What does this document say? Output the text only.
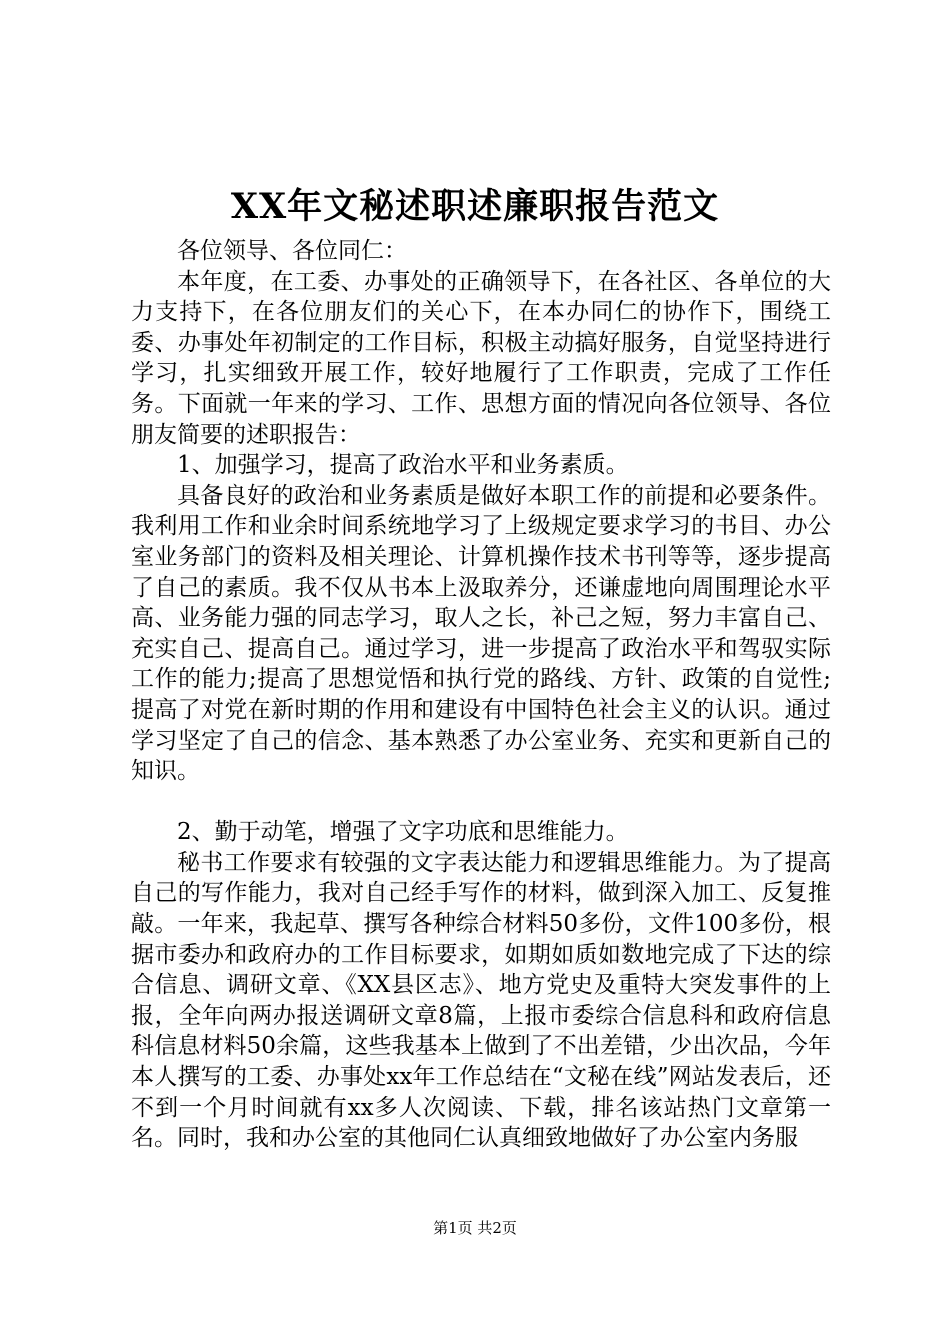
XX年文秘述职述廉职报告范文

各位领导、各位同仁：

本年度，在工委、办事处的正确领导下，在各社区、各单位的大力支持下，在各位朋友们的关心下，在本办同仁的协作下，围绕工委、办事处年初制定的工作目标，积极主动搞好服务，自觉坚持进行学习，扎实细致开展工作，较好地履行了工作职责，完成了工作任务。下面就一年来的学习、工作、思想方面的情况向各位领导、各位朋友简要的述职报告：

1、加强学习，提高了政治水平和业务素质。

具备良好的政治和业务素质是做好本职工作的前提和必要条件。我利用工作和业余时间系统地学习了上级规定要求学习的书目、办公室业务部门的资料及相关理论、计算机操作技术书刊等等，逐步提高了自己的素质。我不仅从书本上汲取养分，还谦虚地向周围理论水平高、业务能力强的同志学习，取人之长，补己之短，努力丰富自己、充实自己、提高自己。通过学习，进一步提高了政治水平和驾驭实际工作的能力;提高了思想觉悟和执行党的路线、方针、政策的自觉性;提高了对党在新时期的作用和建设有中国特色社会主义的认识。通过学习坚定了自己的信念、基本熟悉了办公室业务、充实和更新自己的知识。

2、勤于动笔，增强了文字功底和思维能力。

秘书工作要求有较强的文字表达能力和逻辑思维能力。为了提高自己的写作能力，我对自己经手写作的材料，做到深入加工、反复推敲。一年来，我起草、撰写各种综合材料50多份，文件100多份，根据市委办和政府办的工作目标要求，如期如质如数地完成了下达的综合信息、调研文章、《XX县区志》、地方党史及重特大突发事件的上报，全年向两办报送调研文章8篇，上报市委综合信息科和政府信息科信息材料50余篇，这些我基本上做到了不出差错，少出次品，今年本人撰写的工委、办事处xx年工作总结在“文秘在线”网站发表后，还不到一个月时间就有xx多人次阅读、下载，排名该站热门文章第一名。同时，我和办公室的其他同仁认真细致地做好了办公室内务服

第1页 共2页
